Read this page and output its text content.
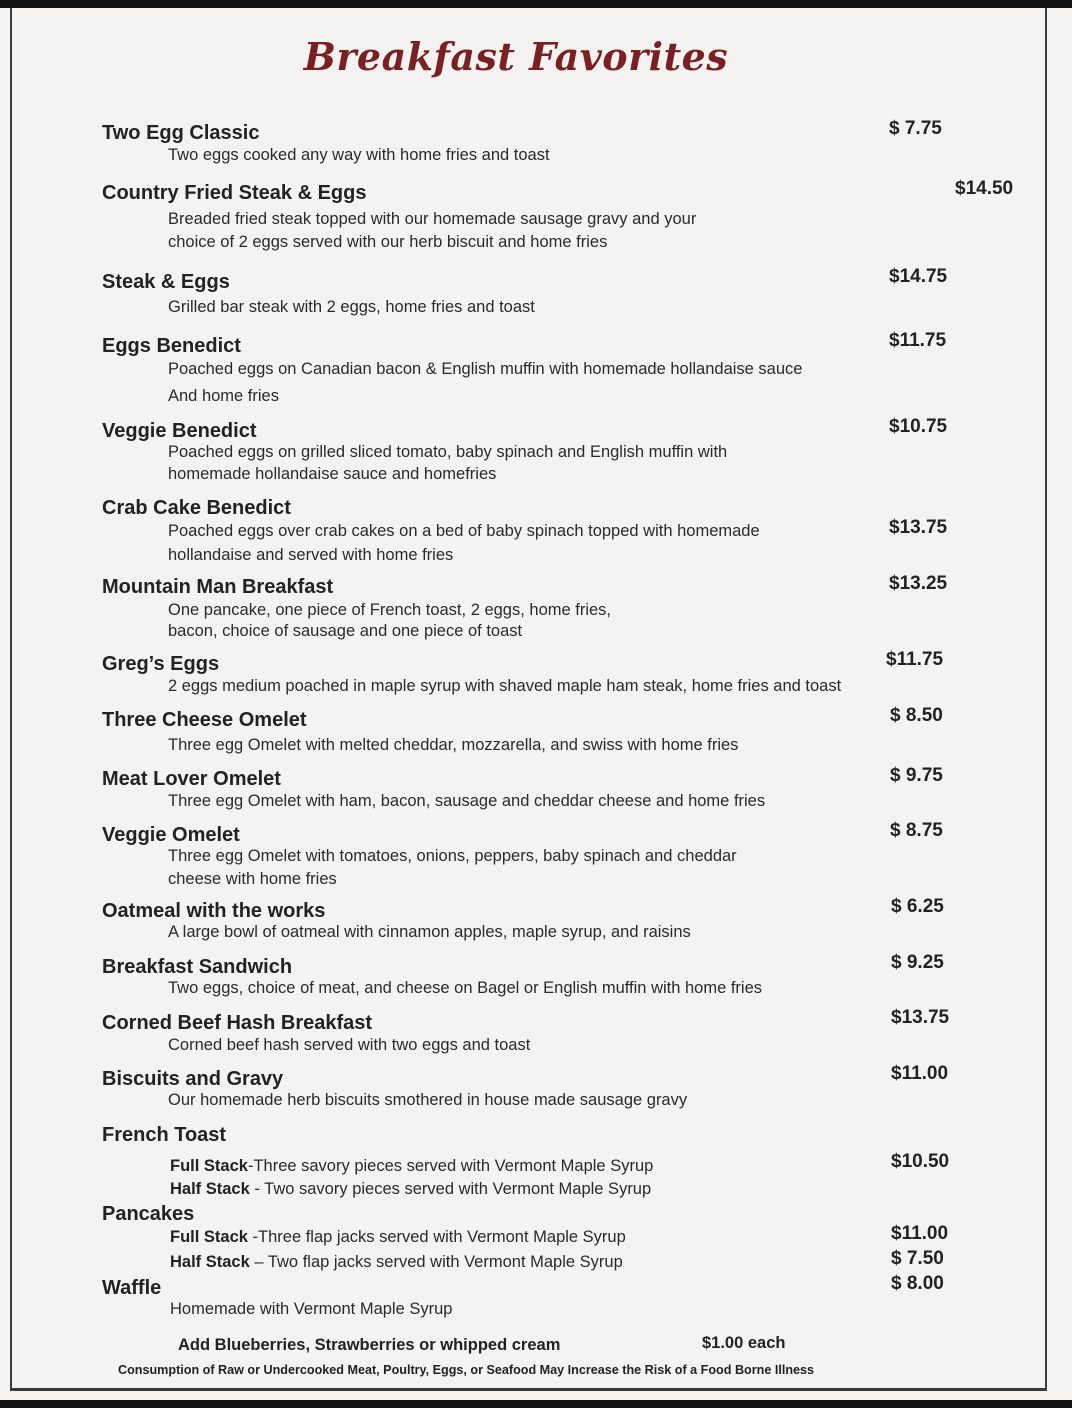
Breakfast Favorites
Two Egg Classic
Two eggs cooked any way with home fries and toast
$ 7.75
Country Fried Steak & Eggs
Breaded fried steak topped with our homemade sausage gravy and your
choice of 2 eggs served with our herb biscuit and home fries
$14.50
Steak & Eggs
Grilled bar steak with 2 eggs, home fries and toast
$14.75
Eggs Benedict
Poached eggs on Canadian bacon & English muffin with homemade hollandaise sauce
And home fries
$11.75
Veggie Benedict
Poached eggs on grilled sliced tomato, baby spinach and English muffin with
homemade hollandaise sauce and homefries
$10.75
Crab Cake Benedict
Poached eggs over crab cakes on a bed of baby spinach topped with homemade
hollandaise and served with home fries
$13.75
Mountain Man Breakfast
One pancake, one piece of French toast, 2 eggs, home fries,
bacon, choice of sausage and one piece of toast
$13.25
Greg’s Eggs
2 eggs medium poached in maple syrup with shaved maple ham steak, home fries and toast
$11.75
Three Cheese Omelet
Three egg Omelet with melted cheddar, mozzarella, and swiss with home fries
$ 8.50
Meat Lover Omelet
Three egg Omelet with ham, bacon, sausage and cheddar cheese and home fries
$ 9.75
Veggie Omelet
Three egg Omelet with tomatoes, onions, peppers, baby spinach and cheddar
cheese with home fries
$ 8.75
Oatmeal with the works
A large bowl of oatmeal with cinnamon apples, maple syrup, and raisins
$ 6.25
Breakfast Sandwich
Two eggs, choice of meat, and cheese on Bagel or English muffin with home fries
$ 9.25
Corned Beef Hash Breakfast
Corned beef hash served with two eggs and toast
$13.75
Biscuits and Gravy
Our homemade herb biscuits smothered in house made sausage gravy
$11.00
French Toast
Full Stack-Three savory pieces served with Vermont Maple Syrup
Half Stack - Two savory pieces served with Vermont Maple Syrup
$10.50
Pancakes
Full Stack -Three flap jacks served with Vermont Maple Syrup
Half Stack – Two flap jacks served with Vermont Maple Syrup
$11.00
$ 7.50
Waffle
Homemade with Vermont Maple Syrup
$ 8.00
Add Blueberries, Strawberries or whipped cream	$1.00 each
Consumption of Raw or Undercooked Meat, Poultry, Eggs, or Seafood May Increase the Risk of a Food Borne Illness
